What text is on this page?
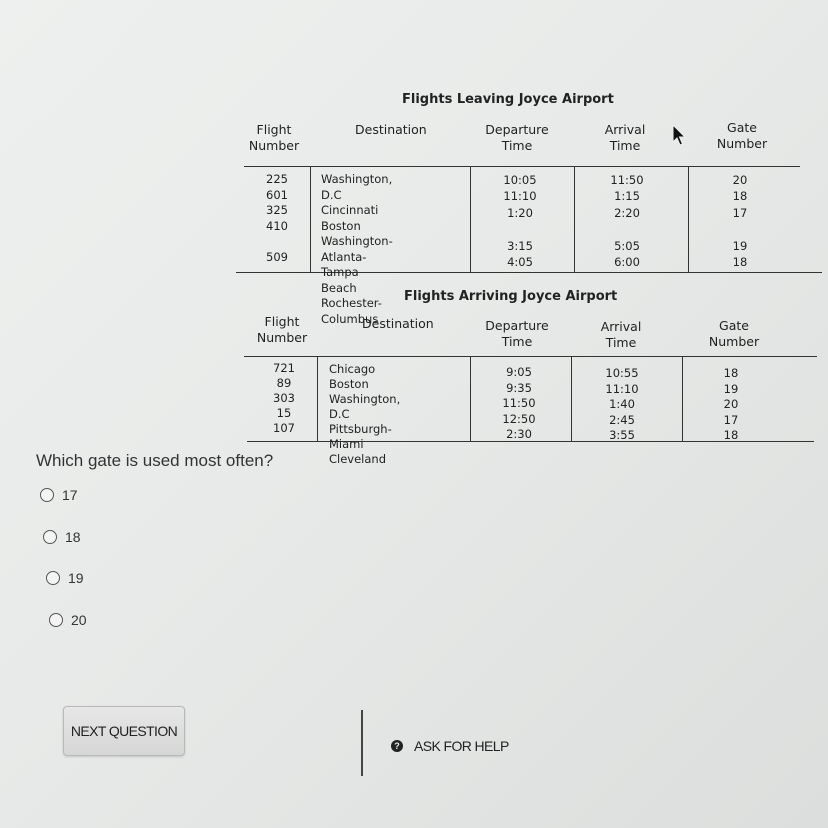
Flights Leaving Joyce Airport
Flight
Number
Destination	Departure
Time
Arrival
Time
Gate
Number
225
601
325
410

509
Washington, D.C
Cincinnati
Boston
Washington-Atlanta-
Tampa Beach
Rochester-Columbus
10:05
11:10
1:20

3:15
4:05
11:50
1:15
2:20

5:05
6:00
20
18
17

19
18
Flights Arriving Joyce Airport
Flight
Number
Destination	Departure
Time
Arrival
Time
Gate
Number
721
89
303
15
107
Chicago
Boston
Washington, D.C
Pittsburgh-Miami
Cleveland
9:05
9:35
11:50
12:50
2:30
10:55
11:10
1:40
2:45
3:55
18
19
20
17
18
Which gate is used most often?
17
18
19
20
NEXT QUESTION
? ASK FOR HELP
